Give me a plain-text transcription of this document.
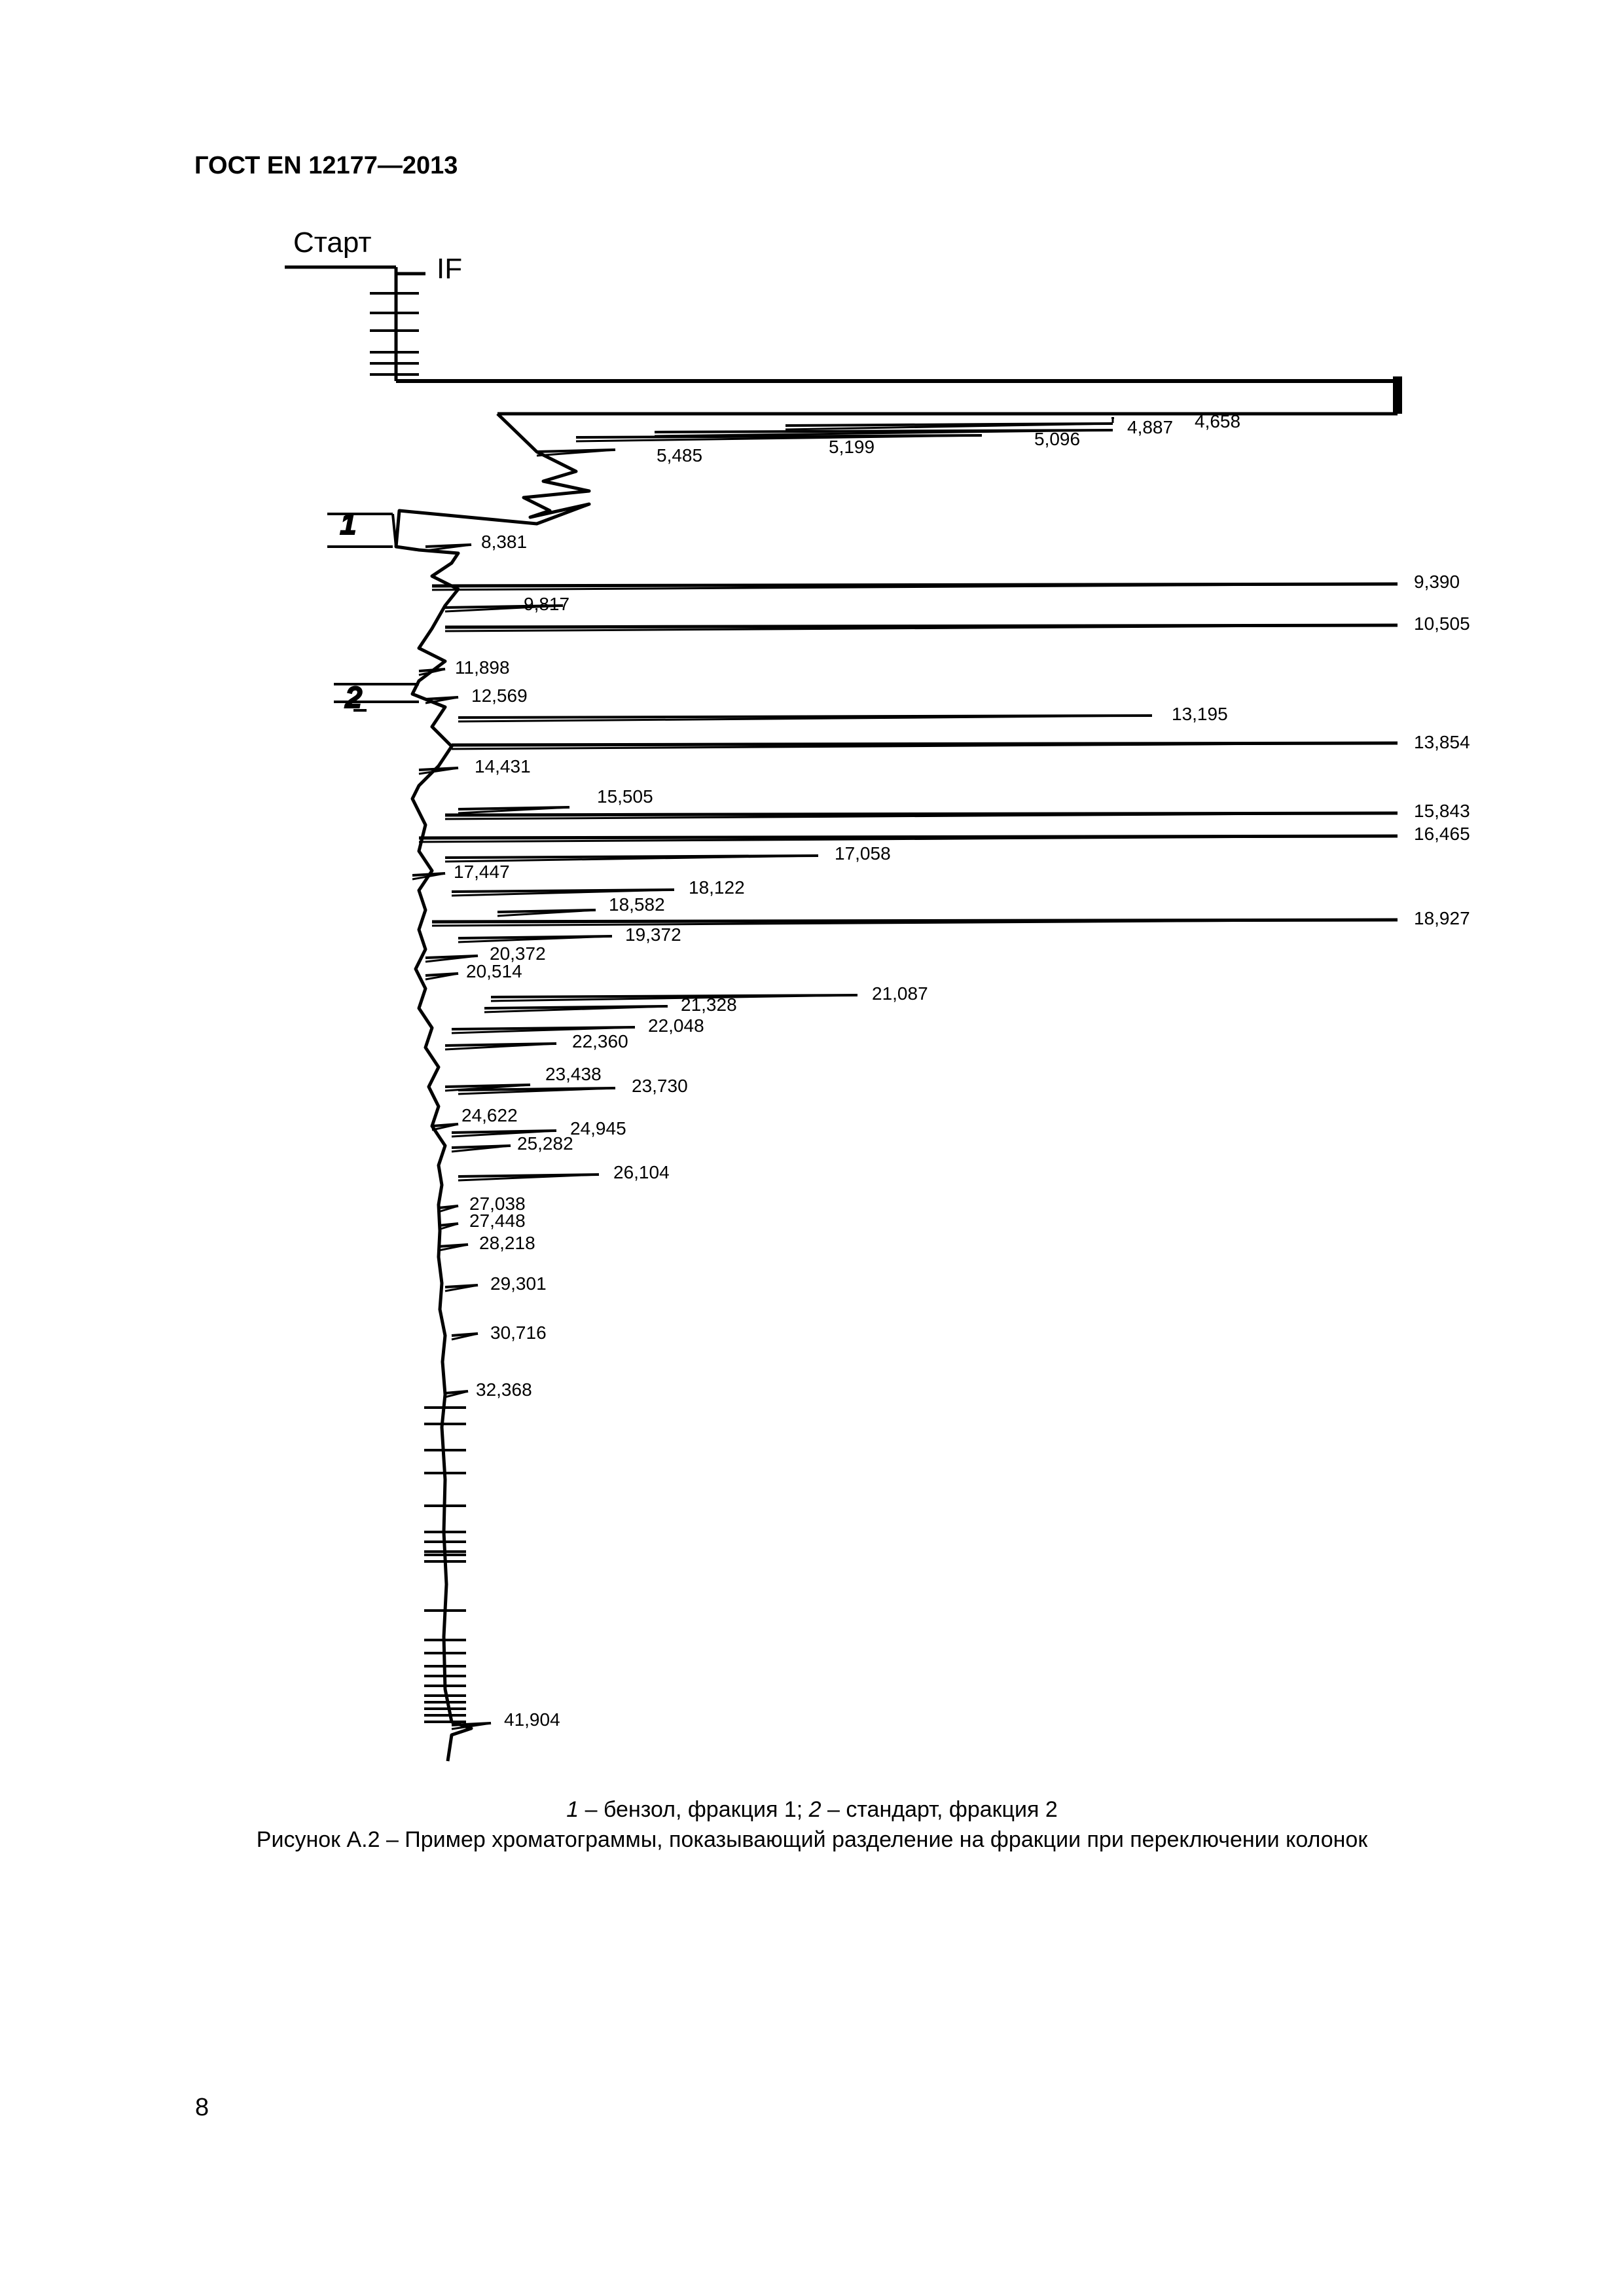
ГОСТ EN 12177—2013
1
2
4,658
4,887
5,096
5,199
5,485
8,381
9,390
9,817
10,505
11,898
12,569
13,195
13,854
14,431
15,505
15,843
16,465
17,058
17,447
18,122
18,582
18,927
19,372
20,372
20,514
21,087
21,328
22,048
22,360
23,438
23,730
24,622
24,945
25,282
26,104
27,038
27,448
28,218
29,301
30,716
32,368
41,904
Старт
IF
1 – бензол, фракция 1; 2 – стандарт, фракция 2
Рисунок А.2 – Пример хроматограммы, показывающий разделение на фракции при переключении колонок
8
